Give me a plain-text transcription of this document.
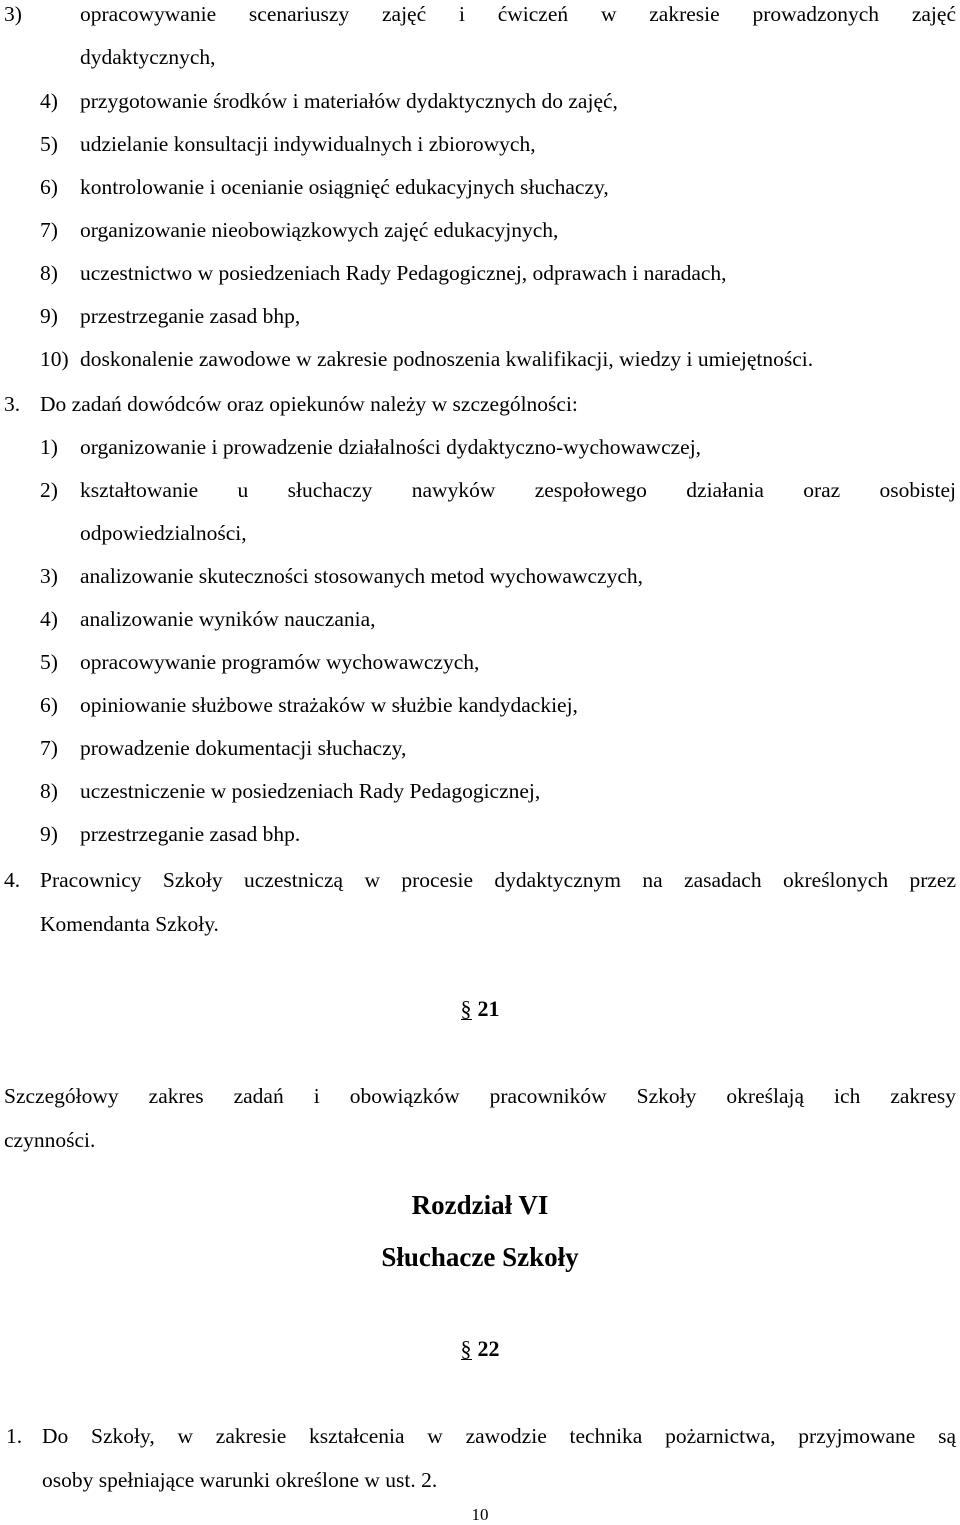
3)	opracowywanie scenariuszy zajęć i ćwiczeń w zakresie prowadzonych zajęć
dydaktycznych,
4) przygotowanie środków i materiałów dydaktycznych do zajęć,
5) udzielanie konsultacji indywidualnych i zbiorowych,
6) kontrolowanie i ocenianie osiągnięć edukacyjnych słuchaczy,
7) organizowanie nieobowiązkowych zajęć edukacyjnych,
8) uczestnictwo w posiedzeniach Rady Pedagogicznej, odprawach i naradach,
9) przestrzeganie zasad bhp,
10) doskonalenie zawodowe w zakresie podnoszenia kwalifikacji, wiedzy i umiejętności.
3. Do zadań dowódców oraz opiekunów należy w szczególności:
1) organizowanie i prowadzenie działalności dydaktyczno-wychowawczej,
2) kształtowanie u słuchaczy nawyków zespołowego działania oraz osobistej
odpowiedzialności,
3) analizowanie skuteczności stosowanych metod wychowawczych,
4) analizowanie wyników nauczania,
5) opracowywanie programów wychowawczych,
6) opiniowanie służbowe strażaków w służbie kandydackiej,
7) prowadzenie dokumentacji słuchaczy,
8) uczestniczenie w posiedzeniach Rady Pedagogicznej,
9) przestrzeganie zasad bhp.
4. Pracownicy Szkoły uczestniczą w procesie dydaktycznym na zasadach określonych przez
Komendanta Szkoły.
§ 21
Szczegółowy zakres zadań i obowiązków pracowników Szkoły określają ich zakresy
czynności.
Rozdział VI
Słuchacze Szkoły
§ 22
1. Do Szkoły, w zakresie kształcenia w zawodzie technika pożarnictwa, przyjmowane są
osoby spełniające warunki określone w ust. 2.
10
